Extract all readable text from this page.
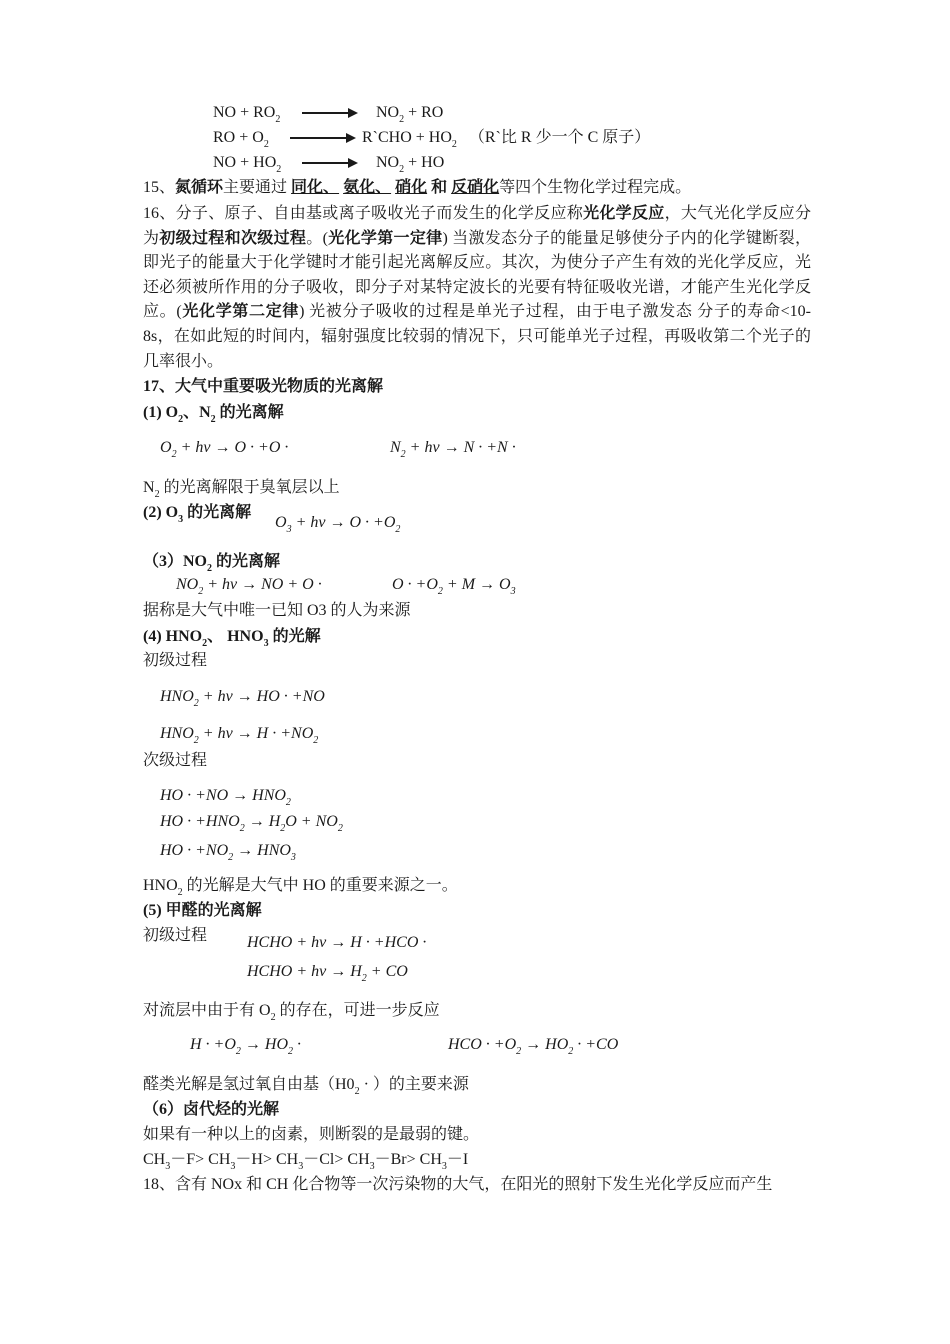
NO + $RO_2$	$NO_2$ + RO
RO + $O_2$	R`CHO + $HO_2$ （R`比 R 少一个 C 原子）
NO + $HO_2$	$NO_2$ + HO
15、氮循环主要通过 同化、 氨化、 硝化 和 反硝化等四个生物化学过程完成。
16、分子、原子、自由基或离子吸收光子而发生的化学反应称光化学反应，大气光化学反应分为初级过程和次级过程。(光化学第一定律) 当激发态分子的能量足够使分子内的化学键断裂，即光子的能量大于化学键时才能引起光离解反应。其次，为使分子产生有效的光化学反应，光还必须被所作用的分子吸收，即分子对某特定波长的光要有特征吸收光谱，才能产生光化学反应。(光化学第二定律) 光被分子吸收的过程是单光子过程，由于电子激发态 分子的寿命<10-8s，在如此短的时间内，辐射强度比较弱的情况下，只可能单光子过程，再吸收第二个光子的几率很小。
17、大气中重要吸光物质的光离解
(1) $O_2$、$N_2$ 的光离解
$O_2 + h\nu \to O \cdot +O$ ·	$N_2 + h\nu \to N \cdot +N$ ·
$N_2$ 的光离解限于臭氧层以上
(2) $O_3$ 的光离解
$O_3 + h\nu \to O \cdot +O_2$
$(3)NO_2$ 的光离解
$NO_2 + h\nu$ → NO + O ·	$O \cdot +O_2 + M \to O_3$
据称是大气中唯一已知 O3 的人为来源
(4) $HNO_2$、 $HNO_3$ 的光解
初级过程
$HNO_2 + h\nu$ → HO · +NO
$HNO_2 + h\nu \to H \cdot +NO_2$
次级过程
HO · $+NO \to HNO_2$
HO · $+HNO_2 \to H_2O + NO_2$
HO · $+NO_2 \to HNO_3$
$HNO_2$ 的光解是大气中 HO 的重要来源之一。
(5) 甲醛的光离解
初级过程 HCHO + hν → H · +HCO ·
HCHO + $h\nu \to H_2$ + CO
对流层中由于有 $O_2$ 的存在，可进一步反应
$H \cdot +O_2 \to HO_2$ ·	HCO · $+O_2 \to HO_2 \cdot +CO$
醛类光解是氢过氧自由基（$H0_2$ · ）的主要来源
（6）卤代烃的光解
如果有一种以上的卤素，则断裂的是最弱的键。
$CH_3-F> CH_3-H> CH_3-Cl> CH_3-Br> CH_3-I$
18、含有 NOx 和 CH 化合物等一次污染物的大气，在阳光的照射下发生光化学反应而产生
